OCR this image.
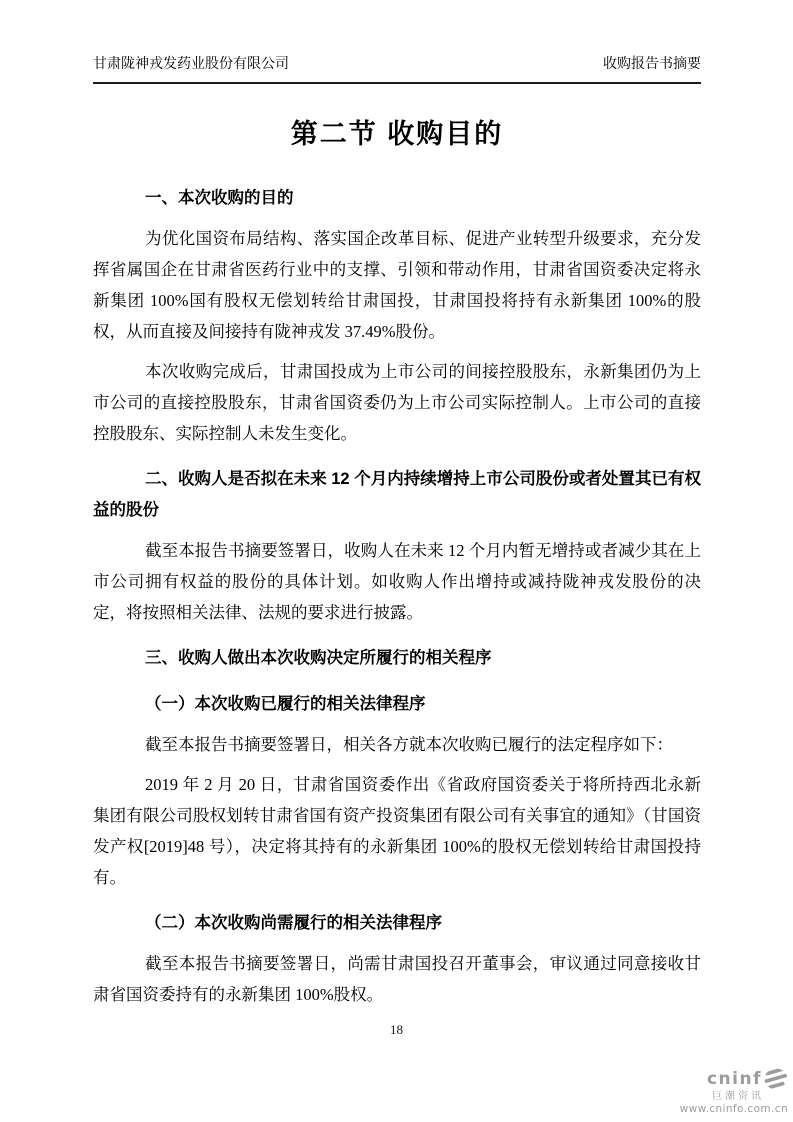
甘肃陇神戎发药业股份有限公司	收购报告书摘要
第二节 收购目的
一、本次收购的目的
为优化国资布局结构、落实国企改革目标、促进产业转型升级要求，充分发挥省属国企在甘肃省医药行业中的支撑、引领和带动作用，甘肃省国资委决定将永新集团 100%国有股权无偿划转给甘肃国投，甘肃国投将持有永新集团 100%的股权，从而直接及间接持有陇神戎发 37.49%股份。
本次收购完成后，甘肃国投成为上市公司的间接控股股东，永新集团仍为上市公司的直接控股股东，甘肃省国资委仍为上市公司实际控制人。上市公司的直接控股股东、实际控制人未发生变化。
二、收购人是否拟在未来 12 个月内持续增持上市公司股份或者处置其已有权益的股份
截至本报告书摘要签署日，收购人在未来 12 个月内暂无增持或者减少其在上市公司拥有权益的股份的具体计划。如收购人作出增持或减持陇神戎发股份的决定，将按照相关法律、法规的要求进行披露。
三、收购人做出本次收购决定所履行的相关程序
（一）本次收购已履行的相关法律程序
截至本报告书摘要签署日，相关各方就本次收购已履行的法定程序如下：
2019 年 2 月 20 日，甘肃省国资委作出《省政府国资委关于将所持西北永新集团有限公司股权划转甘肃省国有资产投资集团有限公司有关事宜的通知》（甘国资发产权[2019]48 号），决定将其持有的永新集团 100%的股权无偿划转给甘肃国投持有。
（二）本次收购尚需履行的相关法律程序
截至本报告书摘要签署日，尚需甘肃国投召开董事会，审议通过同意接收甘肃省国资委持有的永新集团 100%股权。
18
cninf
巨潮资讯
www.cninfo.com.cn
